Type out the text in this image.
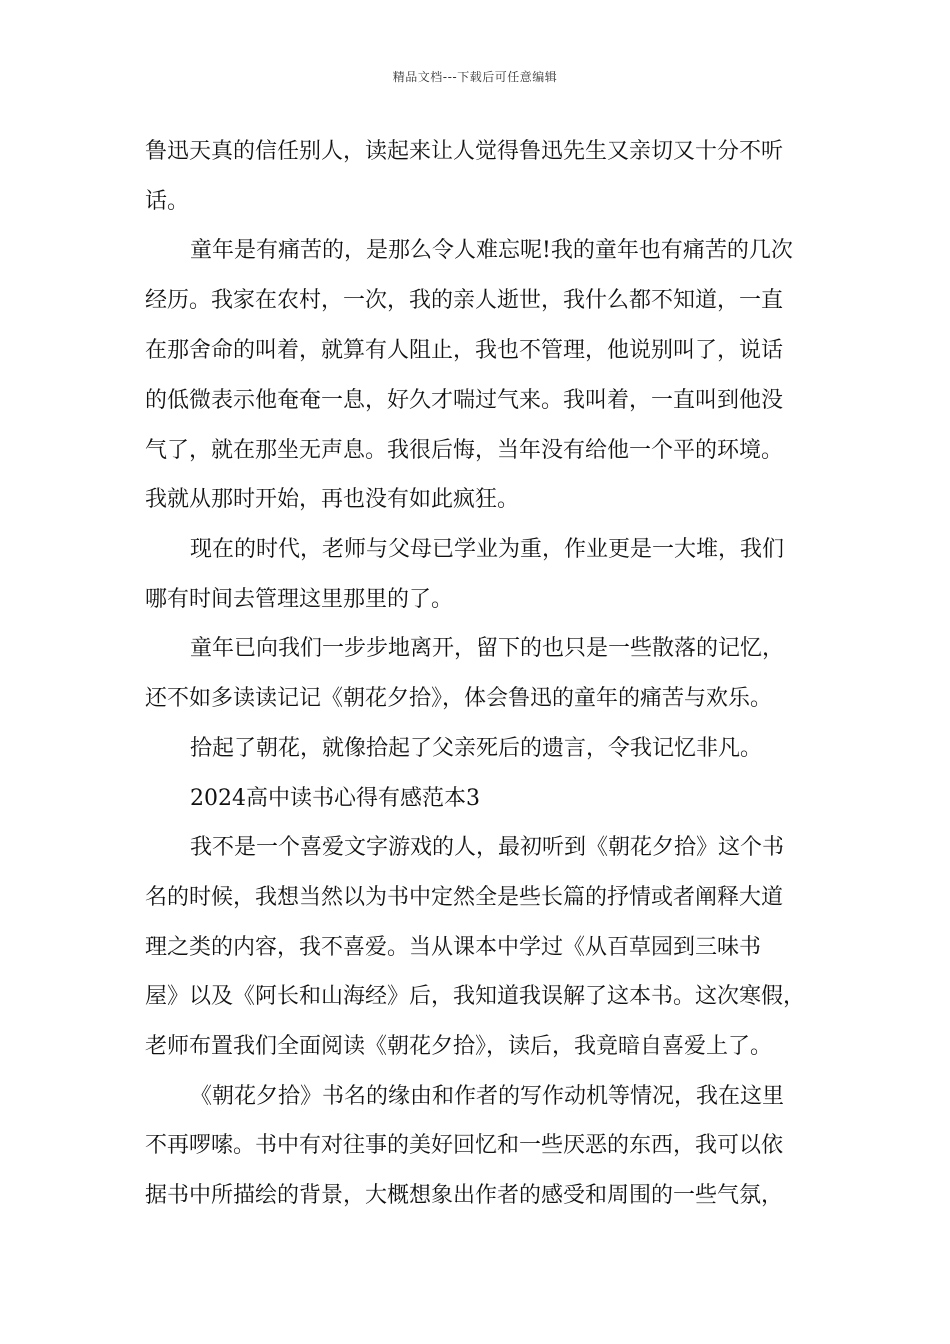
精品文档---下载后可任意编辑
鲁迅天真的信任别人，读起来让人觉得鲁迅先生又亲切又十分不听
话。
童年是有痛苦的，是那么令人难忘呢!我的童年也有痛苦的几次
经历。我家在农村，一次，我的亲人逝世，我什么都不知道，一直
在那舍命的叫着，就算有人阻止，我也不管理，他说别叫了，说话
的低微表示他奄奄一息，好久才喘过气来。我叫着，一直叫到他没
气了，就在那坐无声息。我很后悔，当年没有给他一个平的环境。
我就从那时开始，再也没有如此疯狂。
现在的时代，老师与父母已学业为重，作业更是一大堆，我们
哪有时间去管理这里那里的了。
童年已向我们一步步地离开，留下的也只是一些散落的记忆，
还不如多读读记记《朝花夕拾》，体会鲁迅的童年的痛苦与欢乐。
拾起了朝花，就像拾起了父亲死后的遗言，令我记忆非凡。
2024高中读书心得有感范本3
我不是一个喜爱文字游戏的人，最初听到《朝花夕拾》这个书
名的时候，我想当然以为书中定然全是些长篇的抒情或者阐释大道
理之类的内容，我不喜爱。当从课本中学过《从百草园到三味书
屋》以及《阿长和山海经》后，我知道我误解了这本书。这次寒假，
老师布置我们全面阅读《朝花夕拾》，读后，我竟暗自喜爱上了。
《朝花夕拾》书名的缘由和作者的写作动机等情况，我在这里
不再啰嗦。书中有对往事的美好回忆和一些厌恶的东西，我可以依
据书中所描绘的背景，大概想象出作者的感受和周围的一些气氛，
